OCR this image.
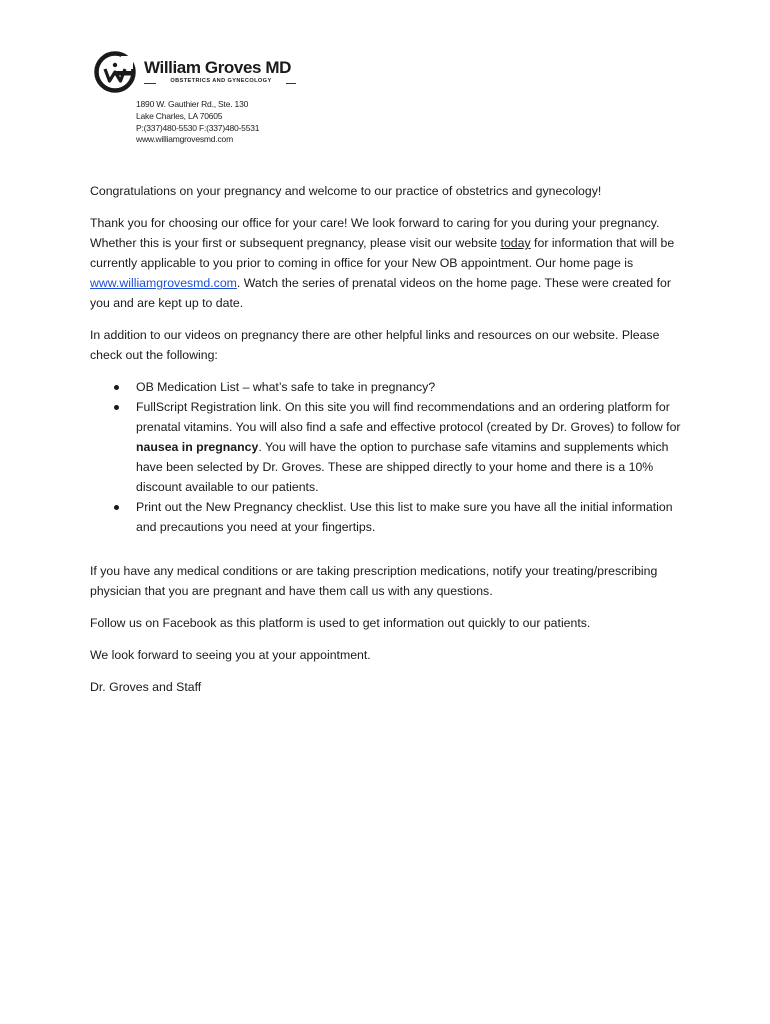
William Groves MD
OBSTETRICS AND GYNECOLOGY
1890 W. Gauthier Rd., Ste. 130
Lake Charles, LA 70605
P:(337)480-5530 F:(337)480-5531
www.williamgrovesmd.com

Congratulations on your pregnancy and welcome to our practice of obstetrics and gynecology!

Thank you for choosing our office for your care! We look forward to caring for you during your pregnancy. Whether this is your first or subsequent pregnancy, please visit our website today for information that will be currently applicable to you prior to coming in office for your New OB appointment. Our home page is www.williamgrovesmd.com. Watch the series of prenatal videos on the home page. These were created for you and are kept up to date.

In addition to our videos on pregnancy there are other helpful links and resources on our website. Please check out the following:

OB Medication List – what’s safe to take in pregnancy?
FullScript Registration link. On this site you will find recommendations and an ordering platform for prenatal vitamins. You will also find a safe and effective protocol (created by Dr. Groves) to follow for nausea in pregnancy. You will have the option to purchase safe vitamins and supplements which have been selected by Dr. Groves. These are shipped directly to your home and there is a 10% discount available to our patients.
Print out the New Pregnancy checklist. Use this list to make sure you have all the initial information and precautions you need at your fingertips.

If you have any medical conditions or are taking prescription medications, notify your treating/prescribing physician that you are pregnant and have them call us with any questions.

Follow us on Facebook as this platform is used to get information out quickly to our patients.

We look forward to seeing you at your appointment.

Dr. Groves and Staff
